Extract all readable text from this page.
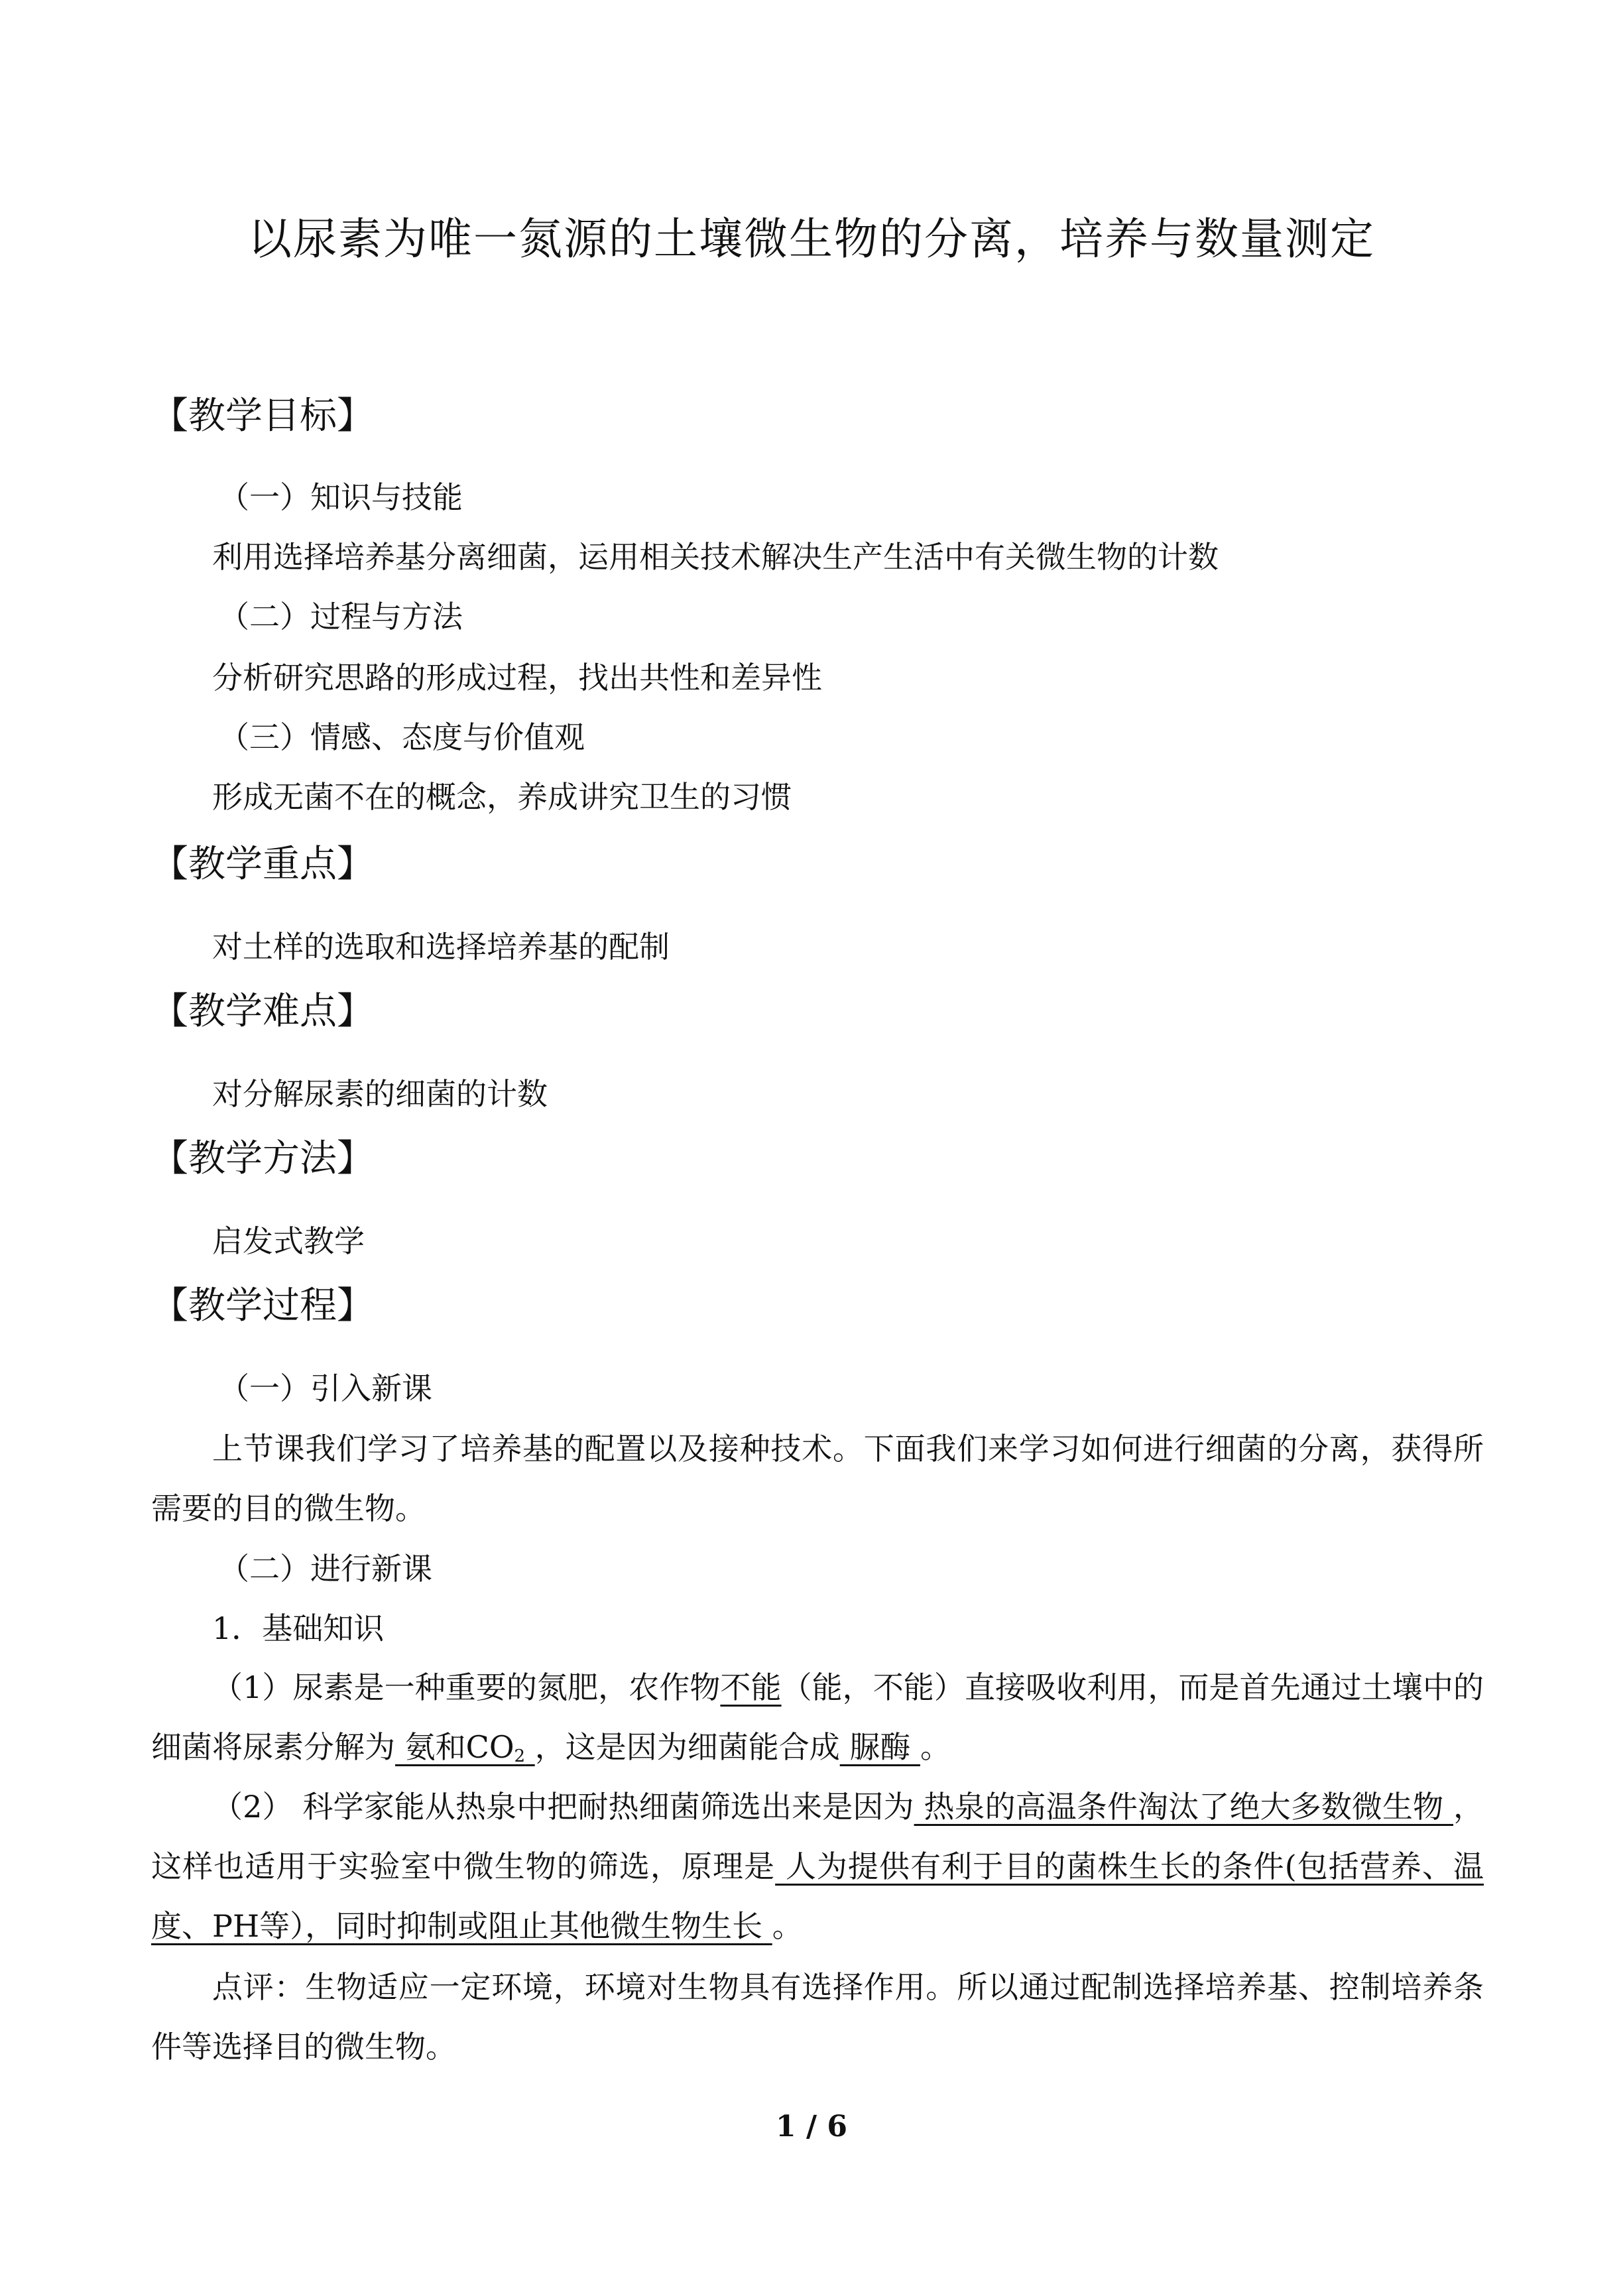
以尿素为唯一氮源的土壤微生物的分离，培养与数量测定
【教学目标】
（一）知识与技能
利用选择培养基分离细菌，运用相关技术解决生产生活中有关微生物的计数
（二）过程与方法
分析研究思路的形成过程，找出共性和差异性
（三）情感、态度与价值观
形成无菌不在的概念，养成讲究卫生的习惯
【教学重点】
对土样的选取和选择培养基的配制
【教学难点】
对分解尿素的细菌的计数
【教学方法】
启发式教学
【教学过程】
（一）引入新课

上节课我们学习了培养基的配置以及接种技术。下面我们来学习如何进行细菌的分离，获得所需要的目的微生物。

（二）进行新课
1．基础知识

（1）尿素是一种重要的氮肥，农作物不能（能，不能）直接吸收利用，而是首先通过土壤中的细菌将尿素分解为 氨和$CO_2$ ，这是因为细菌能合成 脲酶 。

（2） 科学家能从热泉中把耐热细菌筛选出来是因为 热泉的高温条件淘汰了绝大多数微生物 ，这样也适用于实验室中微生物的筛选，原理是 人为提供有利于目的菌株生长的条件(包括营养、温度、PH等），同时抑制或阻止其他微生物生长 。

点评：生物适应一定环境，环境对生物具有选择作用。所以通过配制选择培养基、控制培养条件等选择目的微生物。

1 / 6
